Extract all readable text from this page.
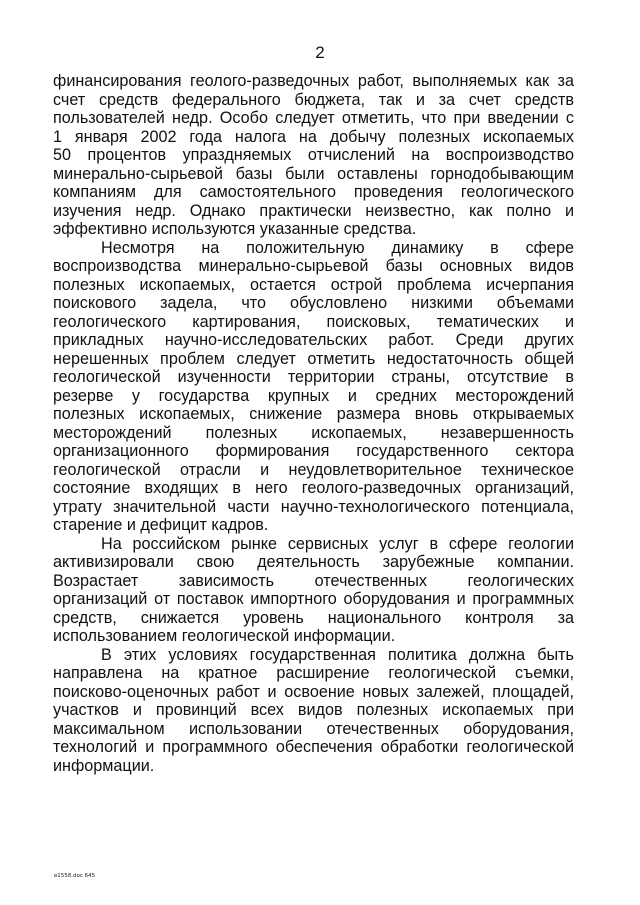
2
финансирования геолого-разведочных работ, выполняемых как за
счет средств федерального бюджета, так и за счет средств
пользователей недр. Особо следует отметить, что при введении с
1 января 2002 года налога на добычу полезных ископаемых
50 процентов упраздняемых отчислений на воспроизводство
минерально-сырьевой базы были оставлены горнодобывающим
компаниям для самостоятельного проведения геологического
изучения недр. Однако практически неизвестно, как полно и
эффективно используются указанные средства.
Несмотря на положительную динамику в сфере
воспроизводства минерально-сырьевой базы основных видов
полезных ископаемых, остается острой проблема исчерпания
поискового задела, что обусловлено низкими объемами
геологического картирования, поисковых, тематических и
прикладных научно-исследовательских работ. Среди других
нерешенных проблем следует отметить недостаточность общей
геологической изученности территории страны, отсутствие в
резерве у государства крупных и средних месторождений
полезных ископаемых, снижение размера вновь открываемых
месторождений полезных ископаемых, незавершенность
организационного формирования государственного сектора
геологической отрасли и неудовлетворительное техническое
состояние входящих в него геолого-разведочных организаций,
утрату значительной части научно-технологического потенциала,
старение и дефицит кадров.
На российском рынке сервисных услуг в сфере геологии
активизировали свою деятельность зарубежные компании.
Возрастает зависимость отечественных геологических
организаций от поставок импортного оборудования и программных
средств, снижается уровень национального контроля за
использованием геологической информации.
В этих условиях государственная политика должна быть
направлена на кратное расширение геологической съемки,
поисково-оценочных работ и освоение новых залежей, площадей,
участков и провинций всех видов полезных ископаемых при
максимальном использовании отечественных оборудования,
технологий и программного обеспечения обработки геологической
информации.
в1558.doc 645
